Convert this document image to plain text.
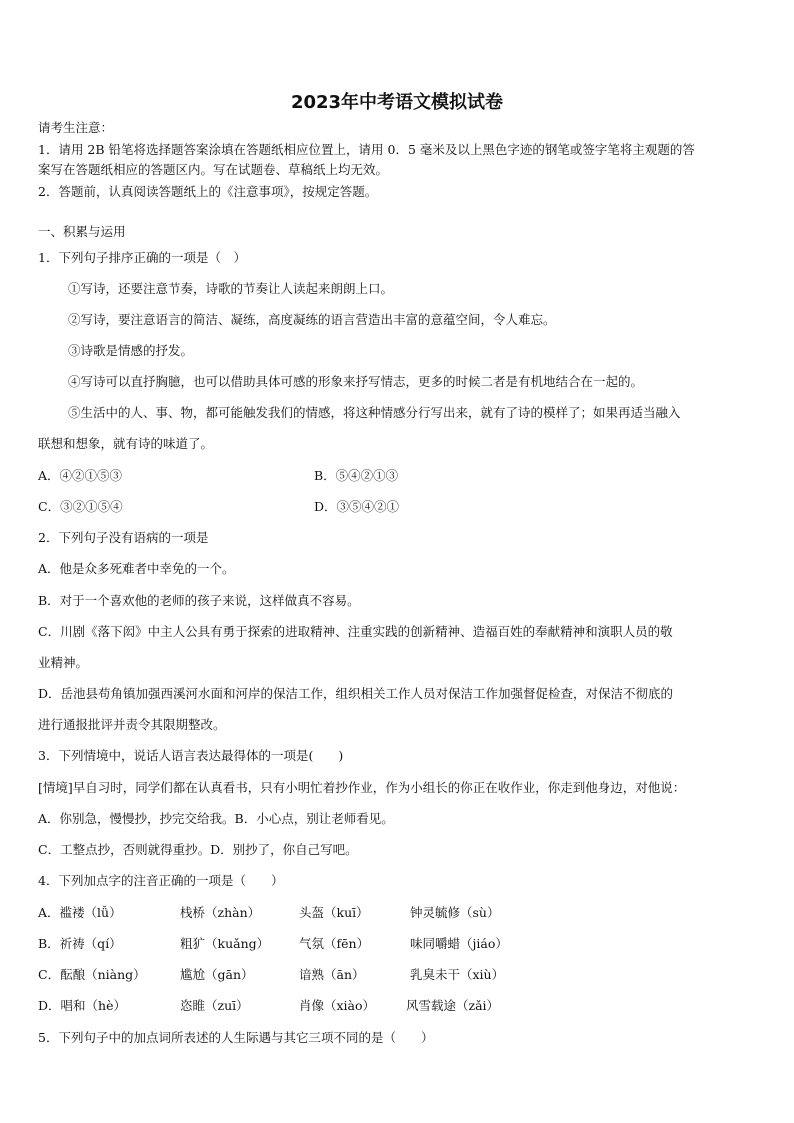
2023年中考语文模拟试卷
请考生注意：
1．请用 2B 铅笔将选择题答案涂填在答题纸相应位置上，请用 0．5 毫米及以上黑色字迹的钢笔或签字笔将主观题的答
案写在答题纸相应的答题区内。写在试题卷、草稿纸上均无效。
2．答题前，认真阅读答题纸上的《注意事项》，按规定答题。
一、积累与运用
1．下列句子排序正确的一项是（　）
①写诗，还要注意节奏，诗歌的节奏让人读起来朗朗上口。
②写诗，要注意语言的简洁、凝练，高度凝练的语言营造出丰富的意蕴空间，令人难忘。
③诗歌是情感的抒发。
④写诗可以直抒胸臆，也可以借助具体可感的形象来抒写情志，更多的时候二者是有机地结合在一起的。
⑤生活中的人、事、物，都可能触发我们的情感，将这种情感分行写出来，就有了诗的模样了；如果再适当融入
联想和想象，就有诗的味道了。
A．④②①⑤③	B．⑤④②①③
C．③②①⑤④	D．③⑤④②①
2．下列句子没有语病的一项是
A．他是众多死难者中幸免的一个。
B．对于一个喜欢他的老师的孩子来说，这样做真不容易。
C．川剧《落下闳》中主人公具有勇于探索的进取精神、注重实践的创新精神、造福百姓的奉献精神和演职人员的敬
业精神。
D．岳池县苟角镇加强西溪河水面和河岸的保洁工作，组织相关工作人员对保洁工作加强督促检查，对保洁不彻底的
进行通报批评并责令其限期整改。
3．下列情境中，说话人语言表达最得体的一项是(　　)
[情境]早自习时，同学们都在认真看书，只有小明忙着抄作业，作为小组长的你正在收作业，你走到他身边，对他说：
A．你别急，慢慢抄，抄完交给我。B．小心点，别让老师看见。
C．工整点抄，否则就得重抄。D．别抄了，你自己写吧。
4．下列加点字的注音正确的一项是（　　）
A．褴褛（lǚ）	栈桥（zhàn）	头盔（kuī）	钟灵毓修（sù）
B．祈祷（qí）	粗犷（kuǎng） 气氛（fēn）	味同嚼蜡（jiáo）
C．酝酿（niàng）	尴尬（gān）	谙熟（ān）	乳臭未干（xiù）
D．唱和（hè）	恣睢（zuī）	肖像（xiào） 风雪载途（zǎi）
5．下列句子中的加点词所表述的人生际遇与其它三项不同的是（　　）
